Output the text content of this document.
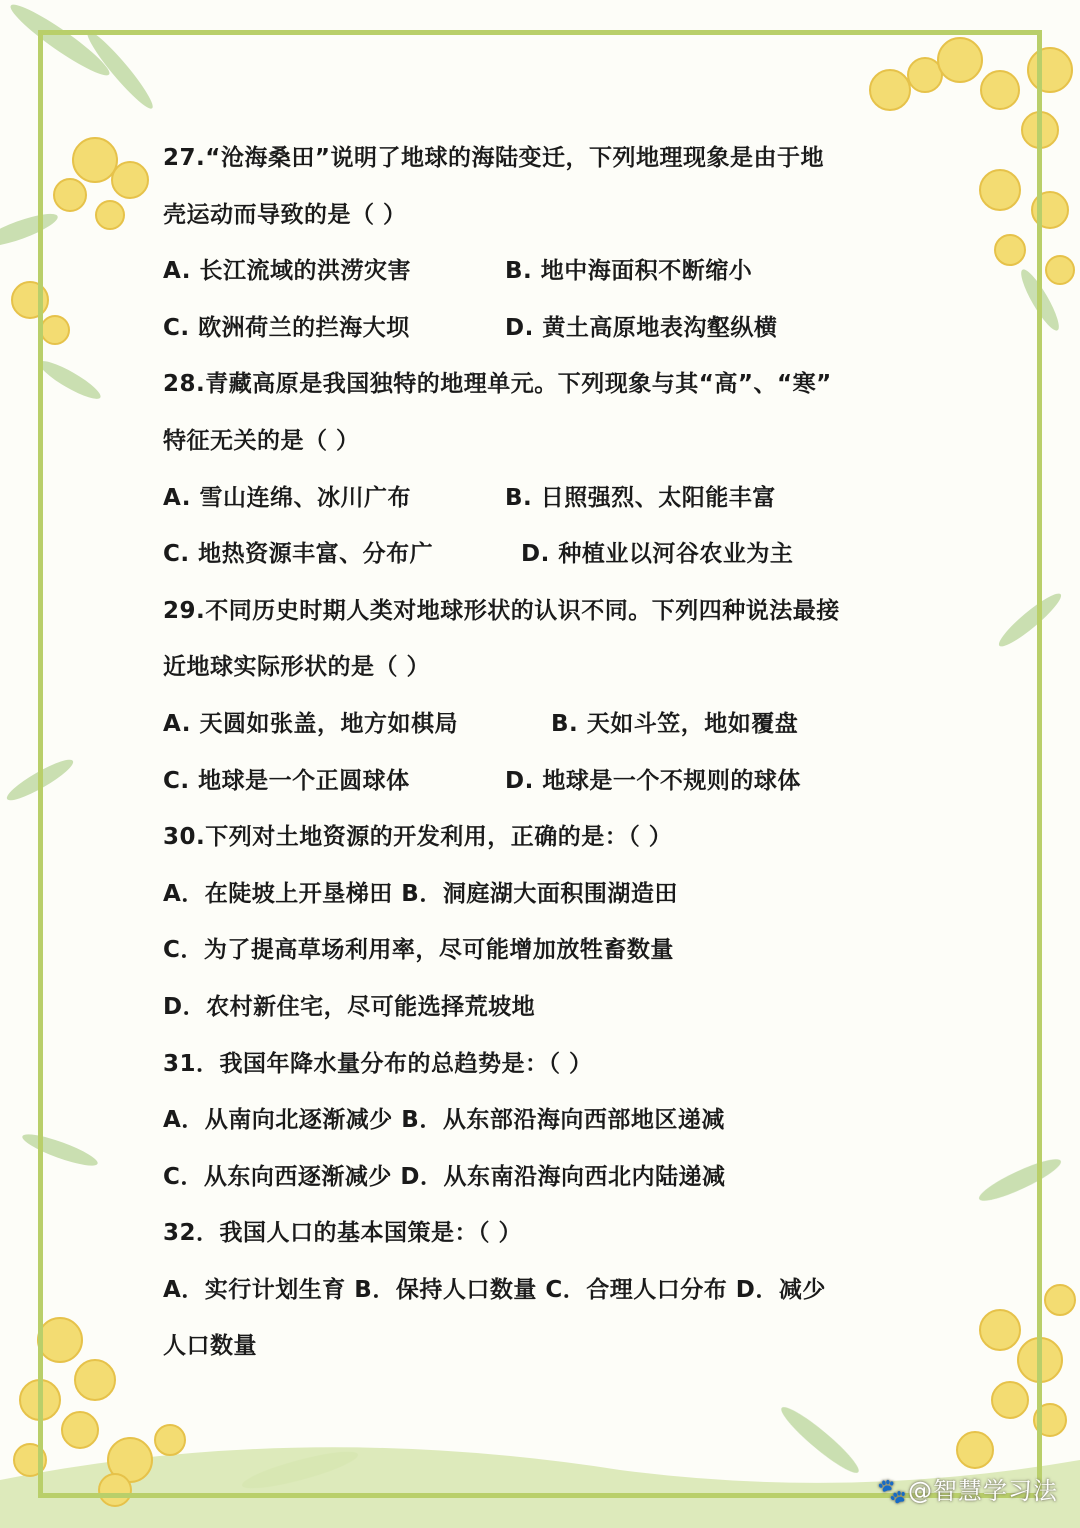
27.“沧海桑田”说明了地球的海陆变迁，下列地理现象是由于地
壳运动而导致的是（ ）
A. 长江流域的洪涝灾害	B. 地中海面积不断缩小
C. 欧洲荷兰的拦海大坝	D. 黄土高原地表沟壑纵横
28.青藏高原是我国独特的地理单元。下列现象与其“高”、“寒”
特征无关的是（ ）
A. 雪山连绵、冰川广布	B. 日照强烈、太阳能丰富
C. 地热资源丰富、分布广	D. 种植业以河谷农业为主
29.不同历史时期人类对地球形状的认识不同。下列四种说法最接
近地球实际形状的是（ ）
A. 天圆如张盖，地方如棋局	B. 天如斗笠，地如覆盘
C. 地球是一个正圆球体	D. 地球是一个不规则的球体
30.下列对土地资源的开发利用，正确的是：（ ）
A．在陡坡上开垦梯田 B．洞庭湖大面积围湖造田
C．为了提高草场利用率，尽可能增加放牲畜数量
D．农村新住宅，尽可能选择荒坡地
31．我国年降水量分布的总趋势是：（ ）
A．从南向北逐渐减少 B．从东部沿海向西部地区递减
C．从东向西逐渐减少 D．从东南沿海向西北内陆递减
32．我国人口的基本国策是：（ ）
A．实行计划生育 B．保持人口数量 C．合理人口分布 D．减少
人口数量
🐾@智慧学习法
